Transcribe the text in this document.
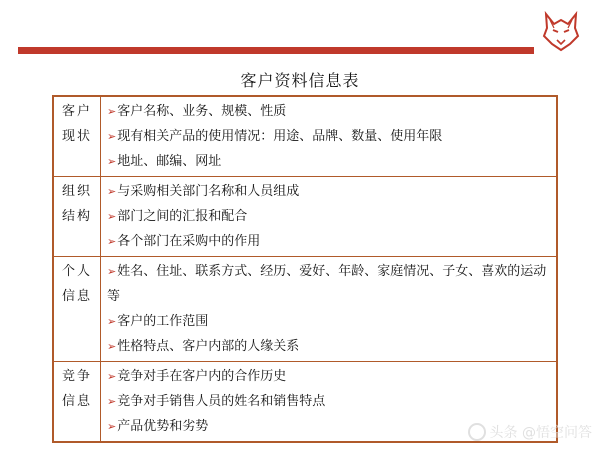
客户资料信息表
客户
现状	➢客户名称、业务、规模、性质
➢现有相关产品的使用情况：用途、品牌、数量、使用年限
➢地址、邮编、网址

组织
结构	➢与采购相关部门名称和人员组成
➢部门之间的汇报和配合
➢各个部门在采购中的作用

个人
信息	➢姓名、住址、联系方式、经历、爱好、年龄、家庭情况、子女、喜欢的运动等
➢客户的工作范围
➢性格特点、客户内部的人缘关系

竞争
信息	➢竞争对手在客户内的合作历史
➢竞争对手销售人员的姓名和销售特点
➢产品优势和劣势	头条 @悟空问答
